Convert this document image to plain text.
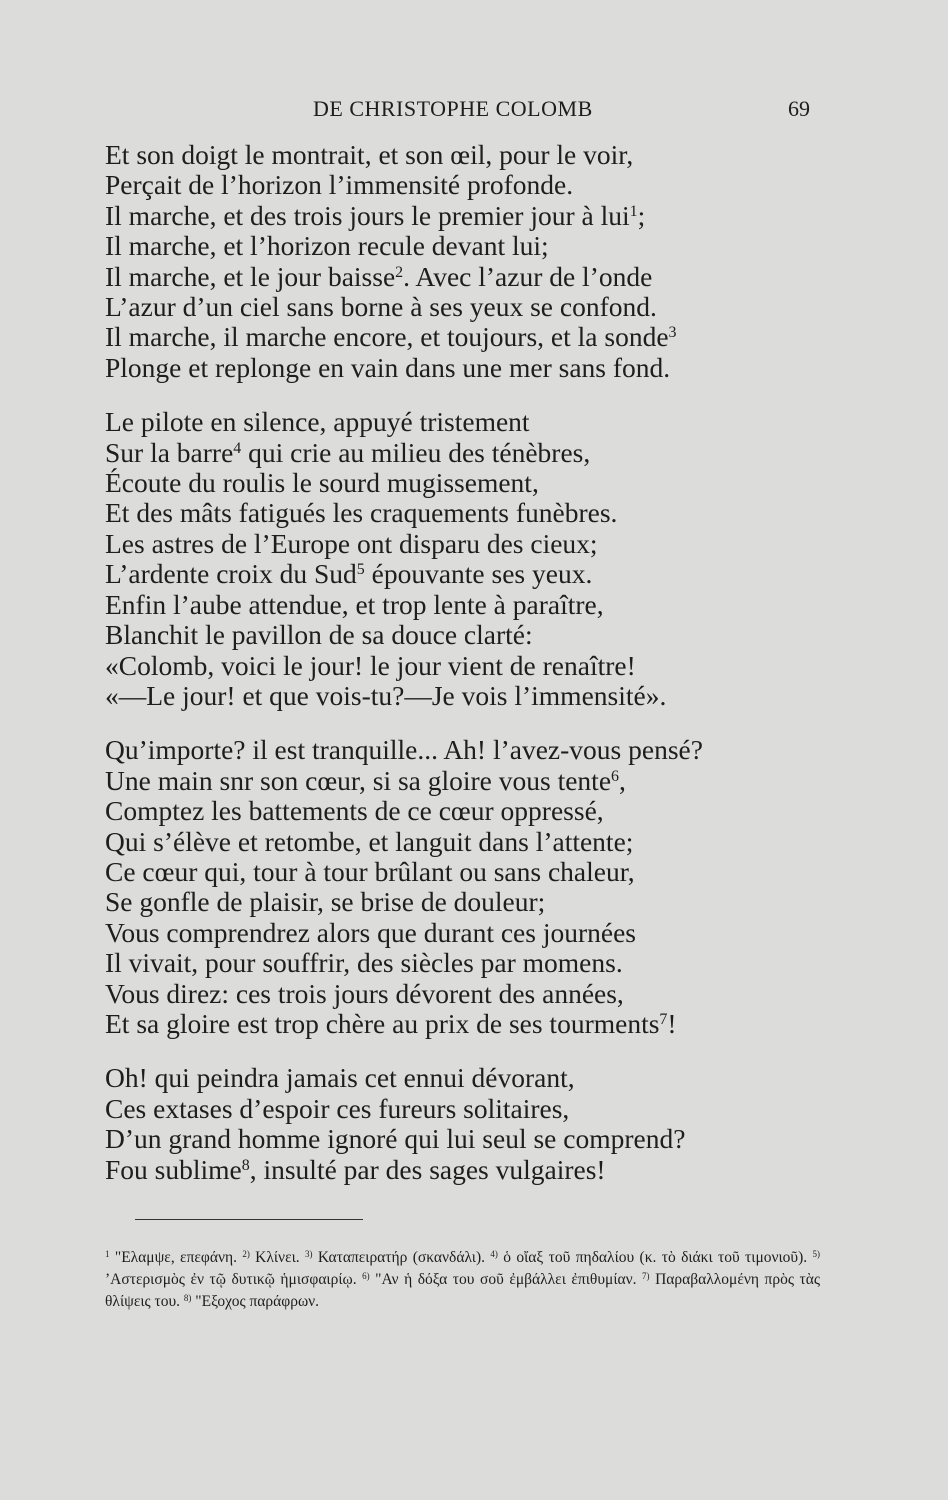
DE CHRISTOPHE COLOMB	69
Et son doigt le montrait, et son œil, pour le voir,
Perçait de l’horizon l’immensité profonde.
Il marche, et des trois jours le premier jour à lui$^1$;
Il marche, et l’horizon recule devant lui;
Il marche, et le jour baisse$^2$. Avec l’azur de l’onde
L’azur d’un ciel sans borne à ses yeux se confond.
Il marche, il marche encore, et toujours, et la sonde$^3$
Plonge et replonge en vain dans une mer sans fond.
Le pilote en silence, appuyé tristement
Sur la barre$^4$ qui crie au milieu des ténèbres,
Écoute du roulis le sourd mugissement,
Et des mâts fatigués les craquements funèbres.
Les astres de l’Europe ont disparu des cieux;
L’ardente croix du Sud$^5$ épouvante ses yeux.
Enfin l’aube attendue, et trop lente à paraître,
Blanchit le pavillon de sa douce clarté:
«Colomb, voici le jour! le jour vient de renaître!
«—Le jour! et que vois-tu?—Je vois l’immensité».
Qu’importe? il est tranquille... Ah! l’avez-vous pensé?
Une main snr son cœur, si sa gloire vous tente$^6$,
Comptez les battements de ce cœur oppressé,
Qui s’élève et retombe, et languit dans l’attente;
Ce cœur qui, tour à tour brûlant ou sans chaleur,
Se gonfle de plaisir, se brise de douleur;
Vous comprendrez alors que durant ces journées
Il vivait, pour souffrir, des siècles par momens.
Vous direz: ces trois jours dévorent des années,
Et sa gloire est trop chère au prix de ses tourments$^7$!
Oh! qui peindra jamais cet ennui dévorant,
Ces extases d’espoir ces fureurs solitaires,
D’un grand homme ignoré qui lui seul se comprend?
Fou sublime$^8$, insulté par des sages vulgaires!
$^1$ "Ελαμψε, επεφάνη. $^{2)}$ Κλίνει. $^{3)}$ Καταπειρατήρ (σκανδάλι). $^{4)}$ ὁ οἴαξ τοῦ πηδαλίου (κ. τὸ διάκι τοῦ τιμονιοῦ). $^{5)}$ ’Αστερισμὸς ἐν τῷ δυτικῷ ἡμισφαιρίῳ. $^{6)}$ "Αν ἡ δόξα του σοῦ ἐμβάλλει ἐπιθυμίαν. $^{7)}$ Παραβαλλομένη πρὸς τὰς θλίψεις του. $^{8)}$ "Εξοχος παράφρων.
